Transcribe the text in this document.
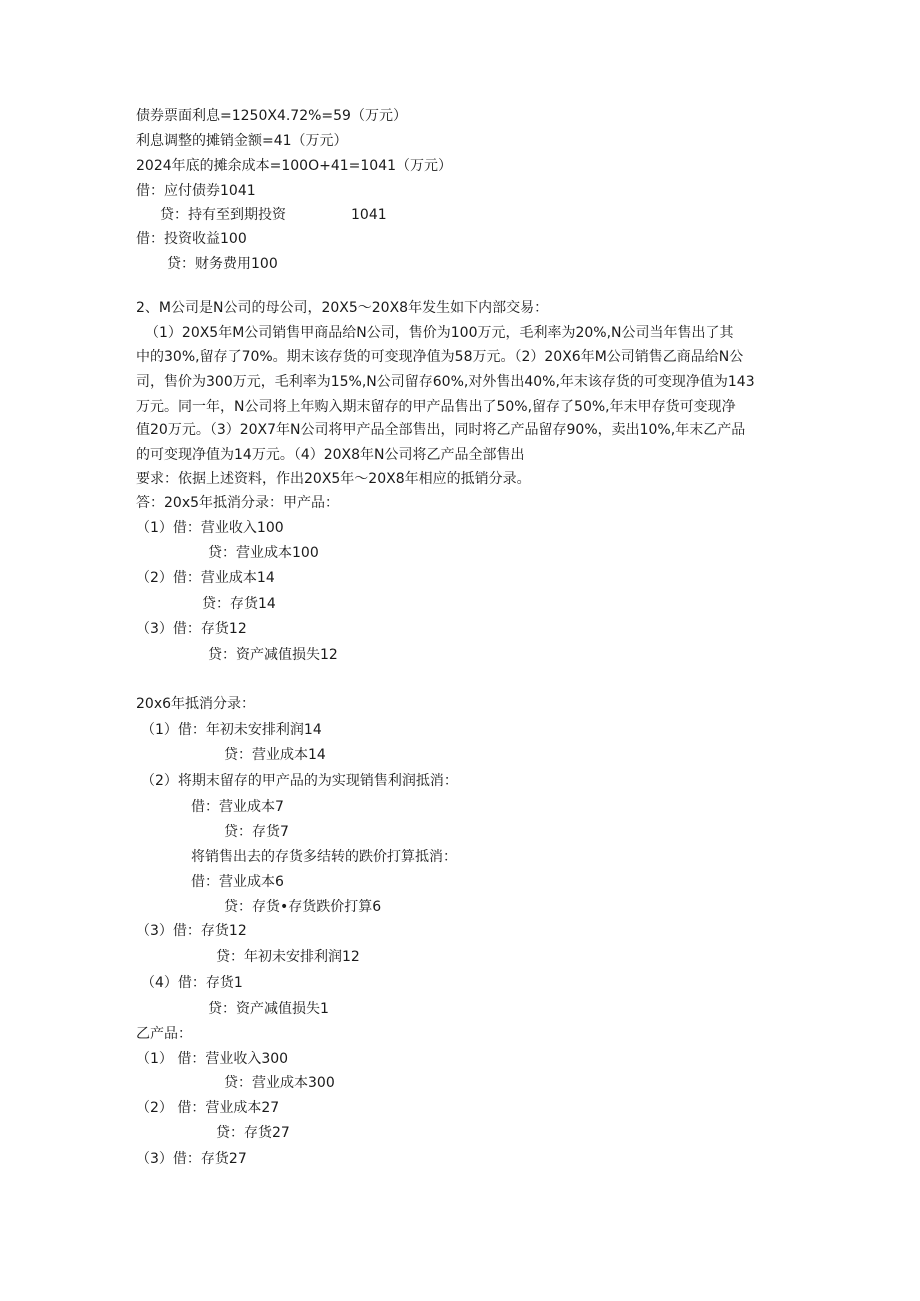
债券票面利息=1250X4.72%=59（万元）
利息调整的摊销金额=41（万元）
2024年底的摊余成本=100O+41=1041（万元）
借：应付债券1041
贷：持有至到期投资	1041
借：投资收益100
贷：财务费用100
2、M公司是N公司的母公司，20X5～20X8年发生如下内部交易：
（1）20X5年M公司销售甲商品给N公司，售价为100万元，毛利率为20%,N公司当年售出了其
中的30%,留存了70%。期末该存货的可变现净值为58万元。（2）20X6年M公司销售乙商品给N公
司，售价为300万元，毛利率为15%,N公司留存60%,对外售出40%,年末该存货的可变现净值为143
万元。同一年，N公司将上年购入期末留存的甲产品售出了50%,留存了50%,年末甲存货可变现净
值20万元。（3）20X7年N公司将甲产品全部售出，同时将乙产品留存90%，卖出10%,年末乙产品
的可变现净值为14万元。（4）20X8年N公司将乙产品全部售出
要求：依据上述资料，作出20X5年～20X8年相应的抵销分录。
答：20x5年抵消分录：甲产品：
（1）借：营业收入100
贷：营业成本100
（2）借：营业成本14
贷：存货14
（3）借：存货12
贷：资产减值损失12
20x6年抵消分录：
（1）借：年初未安排利润14
贷：营业成本14
（2）将期末留存的甲产品的为实现销售利润抵消：
借：营业成本7
贷：存货7
将销售出去的存货多结转的跌价打算抵消：
借：营业成本6
贷：存货•存货跌价打算6
（3）借：存货12
贷：年初未安排利润12
（4）借：存货1
贷：资产减值损失1
乙产品：
（1） 借：营业收入300
贷：营业成本300
（2） 借：营业成本27
贷：存货27
（3）借：存货27
